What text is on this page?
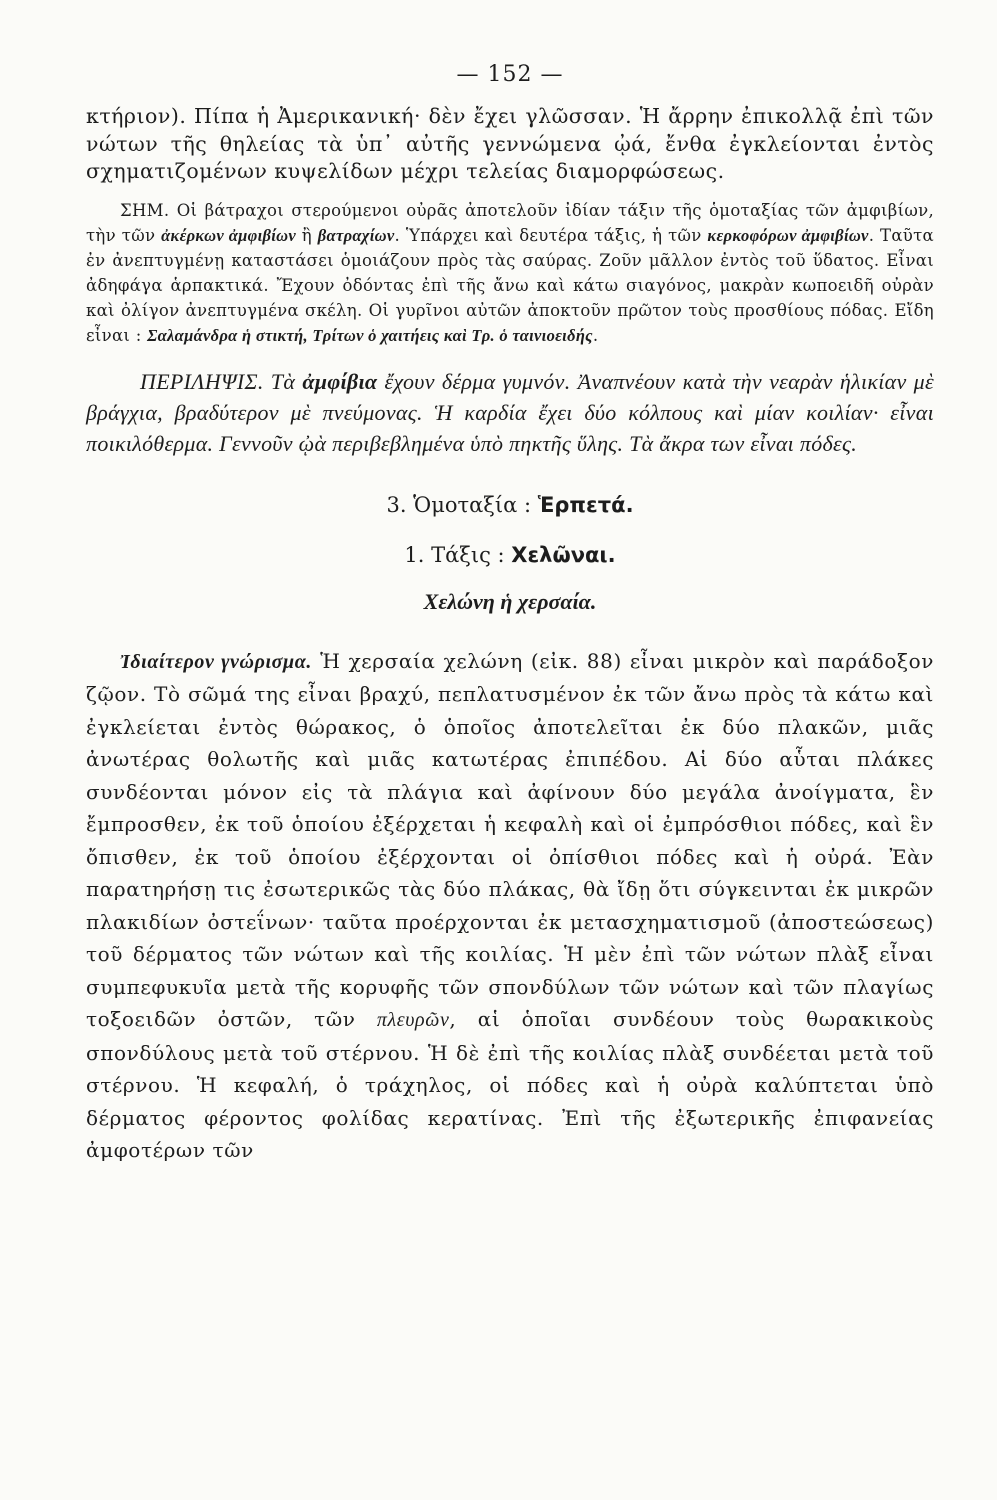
— 152 —

κτήριον). Πίπα ἡ Ἀμερικανική· δὲν ἔχει γλῶσσαν. Ἡ ἄρρην ἐπικολλᾷ ἐπὶ τῶν νώτων τῆς θηλείας τὰ ὑπ᾽ αὐτῆς γεννώμενα ᾠά, ἔνθα ἐγκλείονται ἐντὸς σχηματιζομένων κυψελίδων μέχρι τελείας διαμορφώσεως.

ΣΗΜ. Οἱ βάτραχοι στερούμενοι οὐρᾶς ἀποτελοῦν ἰδίαν τάξιν τῆς ὁμοταξίας τῶν ἀμφιβίων, τὴν τῶν ἀκέρκων ἀμφιβίων ἢ βατραχίων. Ὑπάρχει καὶ δευτέρα τάξις, ἡ τῶν κερκοφόρων ἀμφιβίων. Ταῦτα ἐν ἀνεπτυγμένῃ καταστάσει ὁμοιάζουν πρὸς τὰς σαύρας. Ζοῦν μᾶλλον ἐντὸς τοῦ ὕδατος. Εἶναι ἀδηφάγα ἁρπακτικά. Ἔχουν ὀδόντας ἐπὶ τῆς ἄνω καὶ κάτω σιαγόνος, μακρὰν κωποειδῆ οὐρὰν καὶ ὀλίγον ἀνεπτυγμένα σκέλη. Οἱ γυρῖνοι αὐτῶν ἀποκτοῦν πρῶτον τοὺς προσθίους πόδας. Εἴδη εἶναι : Σαλαμάνδρα ἡ στικτή, Τρίτων ὁ χαιτήεις καὶ Τρ. ὁ ταινιοειδής.

ΠΕΡΙΛΗΨΙΣ. Τὰ ἀμφίβια ἔχουν δέρμα γυμνόν. Ἀναπνέουν κατὰ τὴν νεαρὰν ἡλικίαν μὲ βράγχια, βραδύτερον μὲ πνεύμονας. Ἡ καρδία ἔχει δύο κόλπους καὶ μίαν κοιλίαν· εἶναι ποικιλόθερμα. Γεννοῦν ᾠὰ περιβεβλημένα ὑπὸ πηκτῆς ὕλης. Τὰ ἄκρα των εἶναι πόδες.

3. Ὁμοταξία : Ἑρπετά.
1. Τάξις : Χελῶναι.
Χελώνη ἡ χερσαία.

Ἰδιαίτερον γνώρισμα. Ἡ χερσαία χελώνη (εἰκ. 88) εἶναι μικρὸν καὶ παράδοξον ζῷον. Τὸ σῶμά της εἶναι βραχύ, πεπλατυσμένον ἐκ τῶν ἄνω πρὸς τὰ κάτω καὶ ἐγκλείεται ἐντὸς θώρακος, ὁ ὁποῖος ἀποτελεῖται ἐκ δύο πλακῶν, μιᾶς ἀνωτέρας θολωτῆς καὶ μιᾶς κατωτέρας ἐπιπέδου. Αἱ δύο αὗται πλάκες συνδέονται μόνον εἰς τὰ πλάγια καὶ ἀφίνουν δύο μεγάλα ἀνοίγματα, ἓν ἔμπροσθεν, ἐκ τοῦ ὁποίου ἐξέρχεται ἡ κεφαλὴ καὶ οἱ ἐμπρόσθιοι πόδες, καὶ ἓν ὄπισθεν, ἐκ τοῦ ὁποίου ἐξέρχονται οἱ ὀπίσθιοι πόδες καὶ ἡ οὐρά. Ἐὰν παρατηρήσῃ τις ἐσωτερικῶς τὰς δύο πλάκας, θὰ ἴδῃ ὅτι σύγκεινται ἐκ μικρῶν πλακιδίων ὀστεΐνων· ταῦτα προέρχονται ἐκ μετασχηματισμοῦ (ἀποστεώσεως) τοῦ δέρματος τῶν νώτων καὶ τῆς κοιλίας. Ἡ μὲν ἐπὶ τῶν νώτων πλὰξ εἶναι συμπεφυκυῖα μετὰ τῆς κορυφῆς τῶν σπονδύλων τῶν νώτων καὶ τῶν πλαγίως τοξοειδῶν ὀστῶν, τῶν πλευρῶν, αἱ ὁποῖαι συνδέουν τοὺς θωρακικοὺς σπονδύλους μετὰ τοῦ στέρνου. Ἡ δὲ ἐπὶ τῆς κοιλίας πλὰξ συνδέεται μετὰ τοῦ στέρνου. Ἡ κεφαλή, ὁ τράχηλος, οἱ πόδες καὶ ἡ οὐρὰ καλύπτεται ὑπὸ δέρματος φέροντος φολίδας κερατίνας. Ἐπὶ τῆς ἐξωτερικῆς ἐπιφανείας ἀμφοτέρων τῶν
